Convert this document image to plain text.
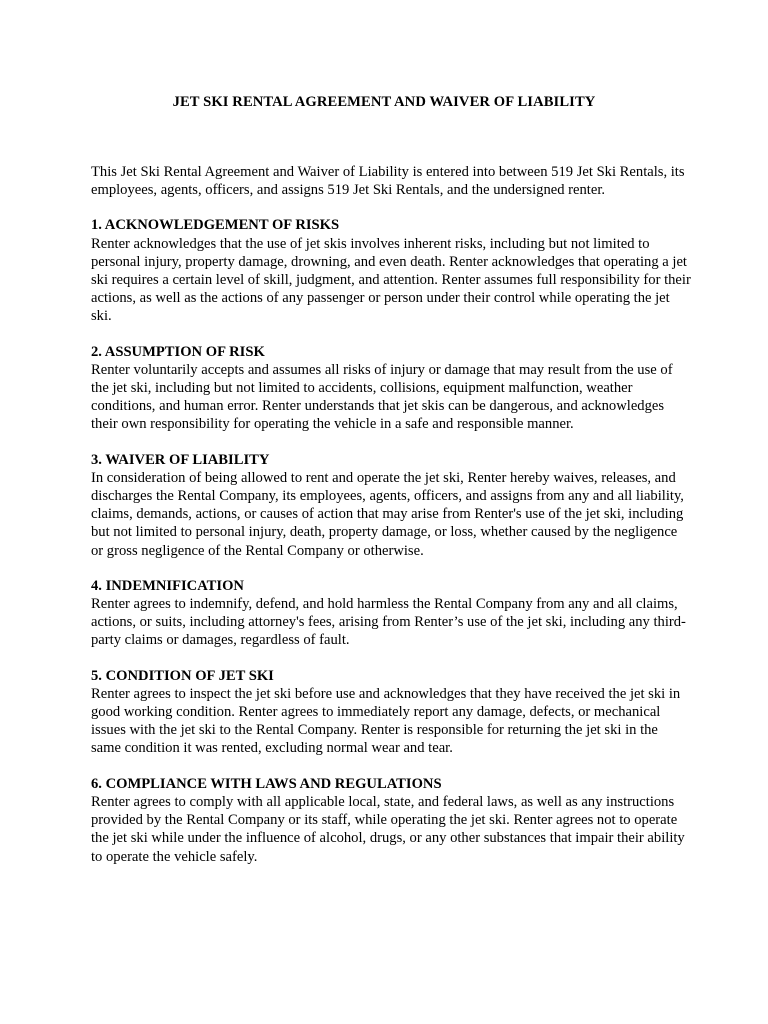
JET SKI RENTAL AGREEMENT AND WAIVER OF LIABILITY

This Jet Ski Rental Agreement and Waiver of Liability is entered into between 519 Jet Ski Rentals, its employees, agents, officers, and assigns 519 Jet Ski Rentals, and the undersigned renter.

1. ACKNOWLEDGEMENT OF RISKS

Renter acknowledges that the use of jet skis involves inherent risks, including but not limited to personal injury, property damage, drowning, and even death. Renter acknowledges that operating a jet ski requires a certain level of skill, judgment, and attention. Renter assumes full responsibility for their actions, as well as the actions of any passenger or person under their control while operating the jet ski.

2. ASSUMPTION OF RISK

Renter voluntarily accepts and assumes all risks of injury or damage that may result from the use of the jet ski, including but not limited to accidents, collisions, equipment malfunction, weather conditions, and human error. Renter understands that jet skis can be dangerous, and acknowledges their own responsibility for operating the vehicle in a safe and responsible manner.

3. WAIVER OF LIABILITY

In consideration of being allowed to rent and operate the jet ski, Renter hereby waives, releases, and discharges the Rental Company, its employees, agents, officers, and assigns from any and all liability, claims, demands, actions, or causes of action that may arise from Renter's use of the jet ski, including but not limited to personal injury, death, property damage, or loss, whether caused by the negligence or gross negligence of the Rental Company or otherwise.

4. INDEMNIFICATION

Renter agrees to indemnify, defend, and hold harmless the Rental Company from any and all claims, actions, or suits, including attorney's fees, arising from Renter’s use of the jet ski, including any third-party claims or damages, regardless of fault.

5. CONDITION OF JET SKI

Renter agrees to inspect the jet ski before use and acknowledges that they have received the jet ski in good working condition. Renter agrees to immediately report any damage, defects, or mechanical issues with the jet ski to the Rental Company. Renter is responsible for returning the jet ski in the same condition it was rented, excluding normal wear and tear.

6. COMPLIANCE WITH LAWS AND REGULATIONS

Renter agrees to comply with all applicable local, state, and federal laws, as well as any instructions provided by the Rental Company or its staff, while operating the jet ski. Renter agrees not to operate the jet ski while under the influence of alcohol, drugs, or any other substances that impair their ability to operate the vehicle safely.
